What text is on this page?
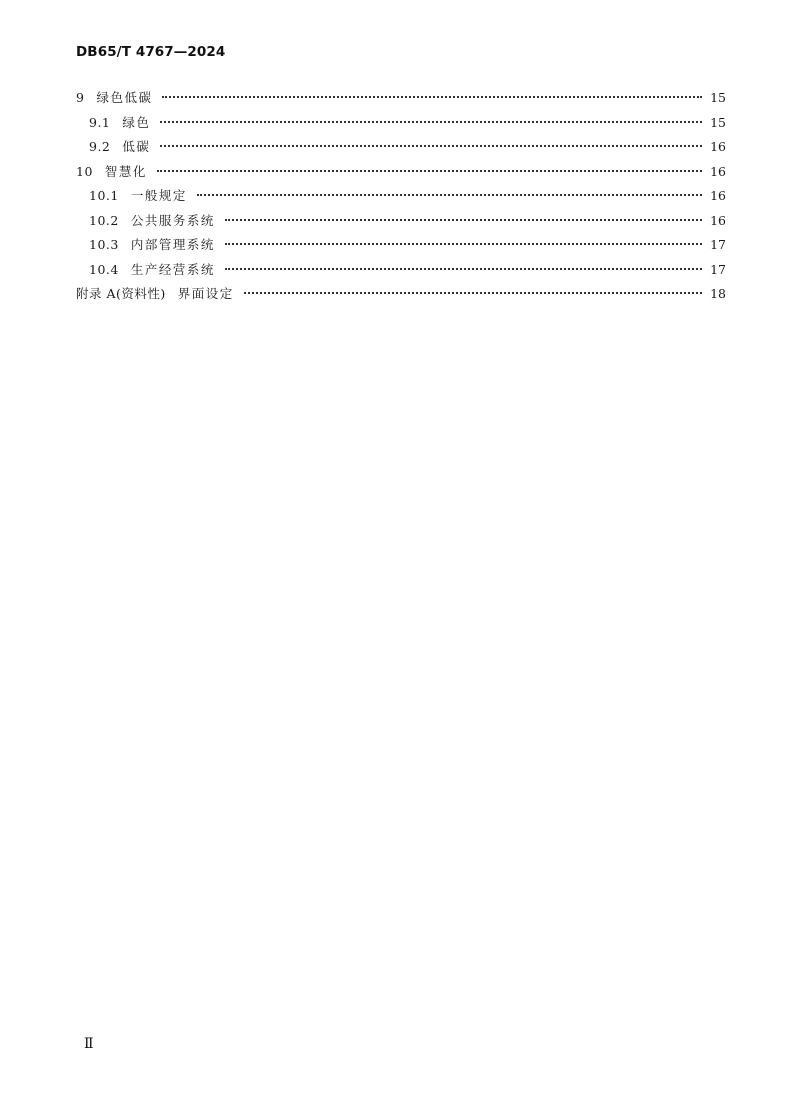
DB65/T 4767—2024
9 绿色低碳	15
9.1 绿色	15
9.2 低碳	16
10 智慧化	16
10.1 一般规定	16
10.2 公共服务系统	16
10.3 内部管理系统	17
10.4 生产经营系统	17
附录 A(资料性) 界面设定	18
Ⅱ
